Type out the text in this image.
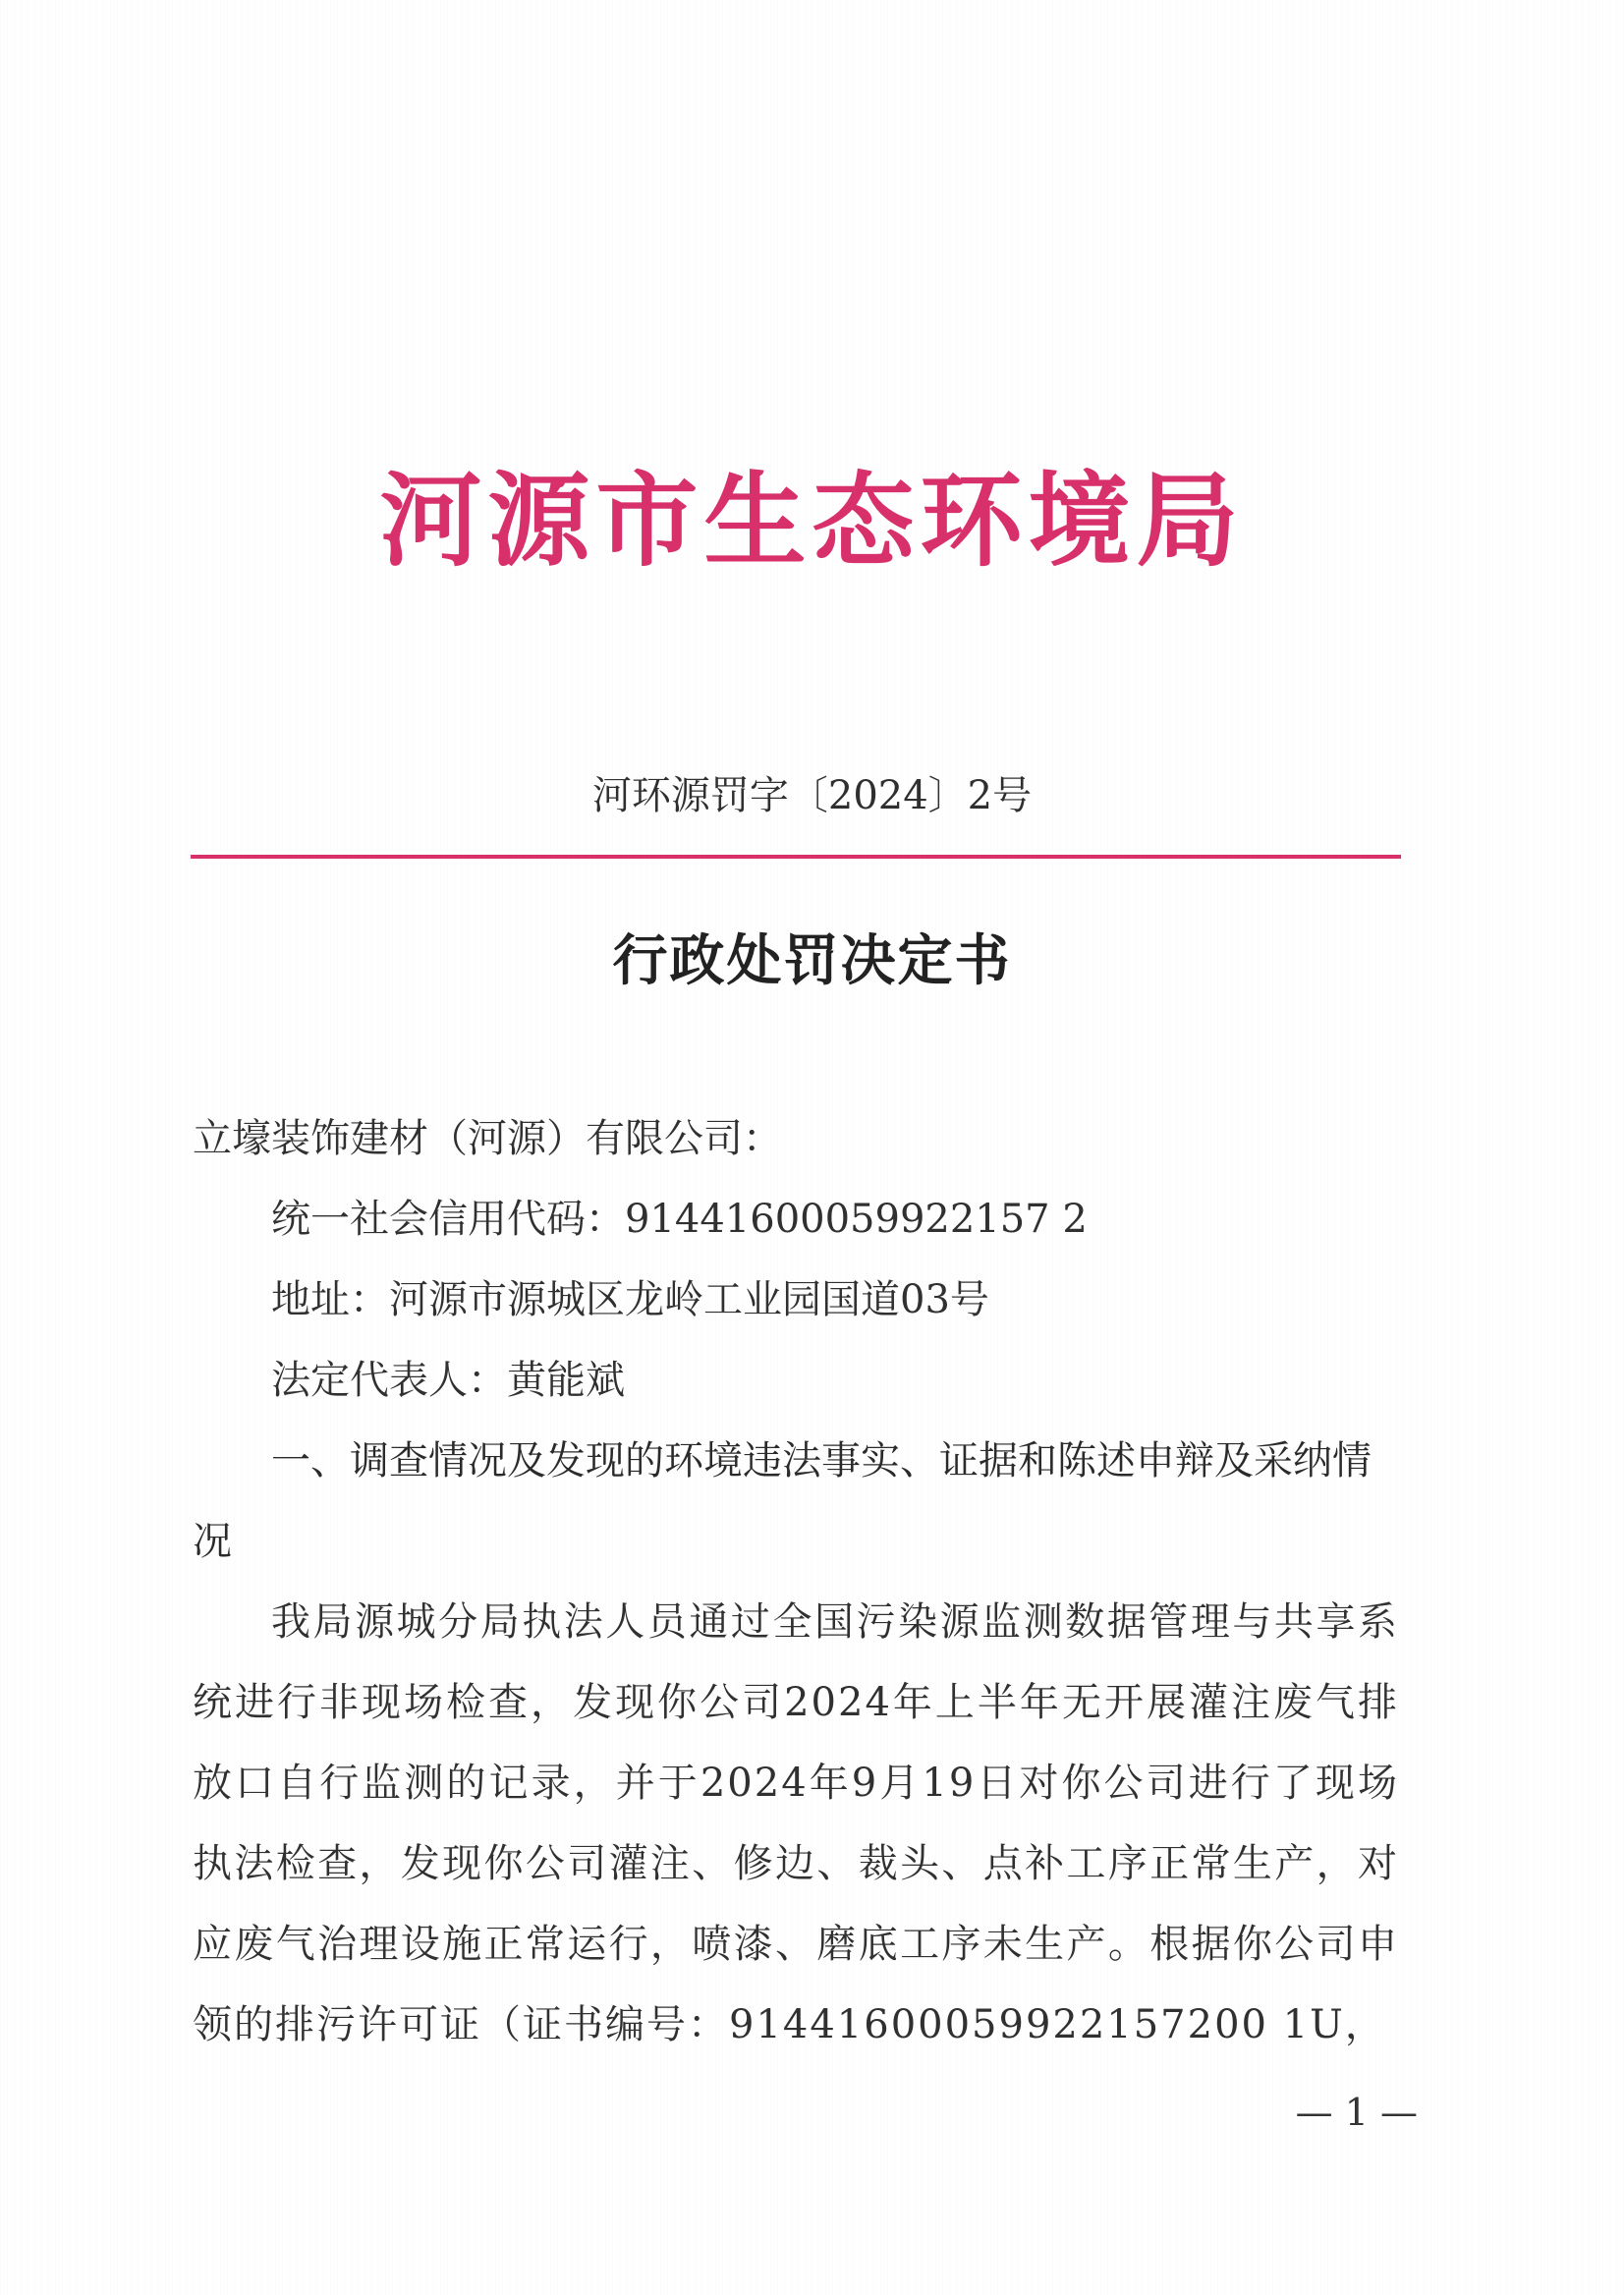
河源市生态环境局
河环源罚字〔2024〕2号
行政处罚决定书

立壕装饰建材（河源）有限公司：

统一社会信用代码：91441600059922157 2

地址：河源市源城区龙岭工业园国道03号

法定代表人：黄能斌

一、调查情况及发现的环境违法事实、证据和陈述申辩及采纳情况

我局源城分局执法人员通过全国污染源监测数据管理与共享系统进行非现场检查，发现你公司2024年上半年无开展灌注废气排放口自行监测的记录，并于2024年9月19日对你公司进行了现场执法检查，发现你公司灌注、修边、裁头、点补工序正常生产，对应废气治理设施正常运行，喷漆、磨底工序未生产。根据你公司申领的排污许可证（证书编号：91441600059922157200 1U，

— 1 —
